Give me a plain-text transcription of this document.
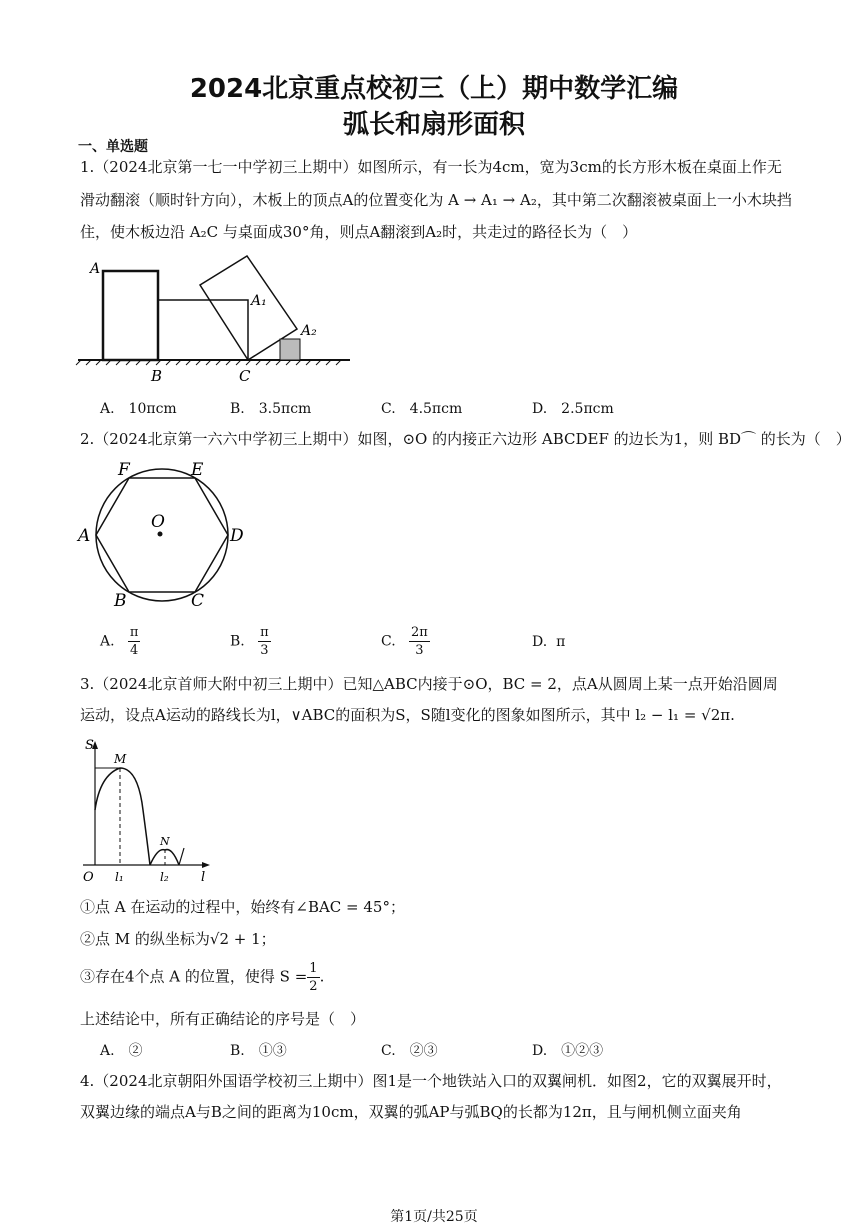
2024北京重点校初三（上）期中数学汇编
弧长和扇形面积
一、单选题
1.（2024北京第一七一中学初三上期中）如图所示，有一长为4cm，宽为3cm的长方形木板在桌面上作无
滑动翻滚（顺时针方向），木板上的顶点A的位置变化为 A → A₁ → A₂，其中第二次翻滚被桌面上一小木块挡
住，使木板边沿 A₂C 与桌面成30°角，则点A翻滚到A₂时，共走过的路径长为（　）
A
A₁
A₂
B	C
A.　10πcm	B.　3.5πcm	C.　4.5πcm	D.　2.5πcm
2.（2024北京第一六六中学初三上期中）如图，⊙O 的内接正六边形 ABCDEF 的边长为1，则 BD⌒ 的长为（　）
F	E
A
O
D
B	C
A. $\frac{\pi}{4}$	B. $\frac{\pi}{3}$	C. $\frac{2\pi}{3}$	D. π
3.（2024北京首师大附中初三上期中）已知△ABC内接于⊙O，BC = 2，点A从圆周上某一点开始沿圆周
运动，设点A运动的路线长为l，∨ABC的面积为S，S随l变化的图象如图所示，其中 l₂ − l₁ = √2π.
S
M
N
O l₁	l₂ l
①点 A 在运动的过程中，始终有∠BAC = 45°；
②点 M 的纵坐标为√2 + 1；
③存在4个点 A 的位置，使得 $S = \frac{1}{2}$ .
上述结论中，所有正确结论的序号是（　）
A.　②	B.　①③	C.　②③	D.　①②③
4.（2024北京朝阳外国语学校初三上期中）图1是一个地铁站入口的双翼闸机．如图2，它的双翼展开时，
双翼边缘的端点A与B之间的距离为10cm，双翼的弧AP与弧BQ的长都为12π，且与闸机侧立面夹角
第1页/共25页
